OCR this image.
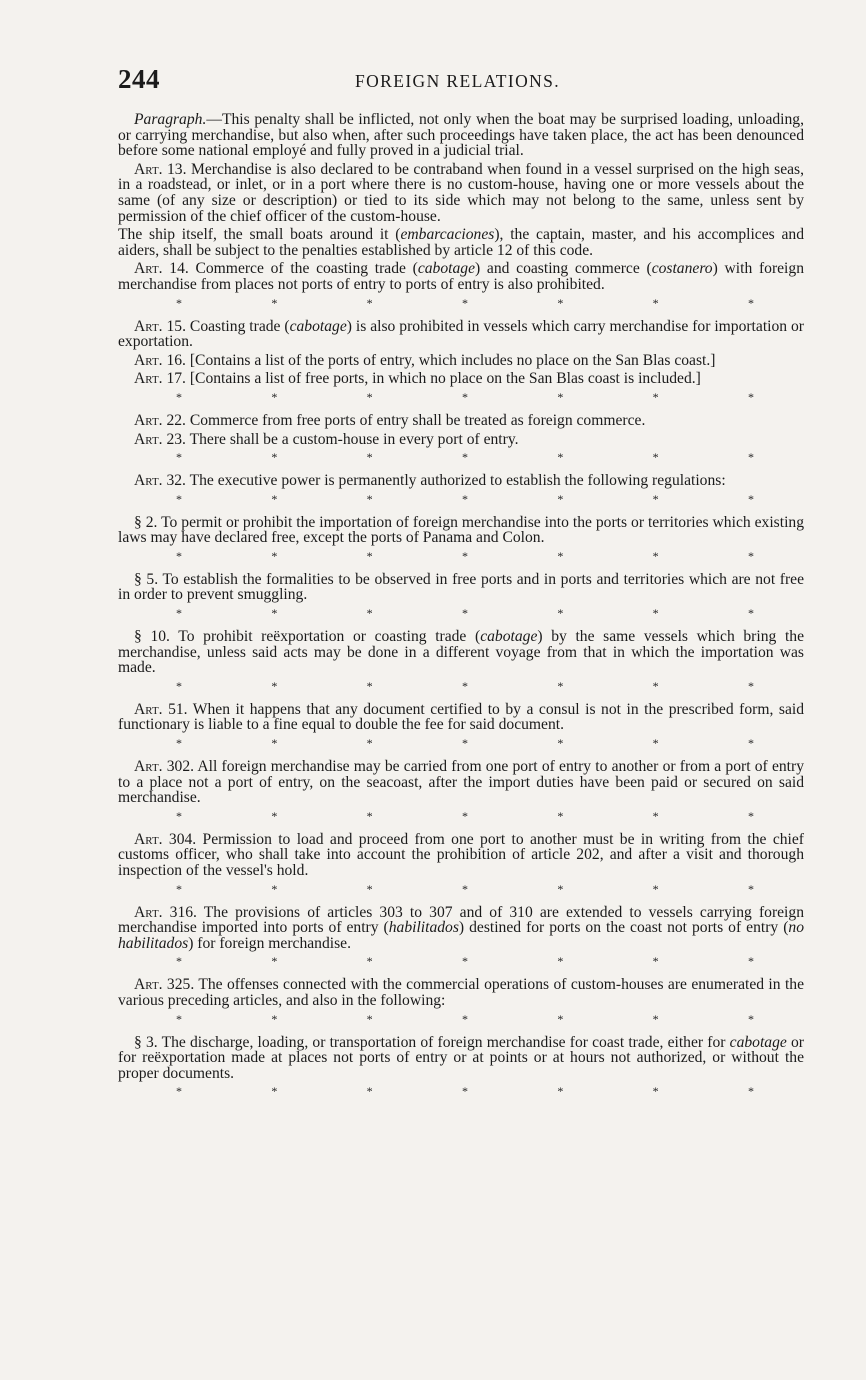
244	FOREIGN RELATIONS.

Paragraph.—This penalty shall be inflicted, not only when the boat may be surprised loading, unloading, or carrying merchandise, but also when, after such proceedings have taken place, the act has been denounced before some national employé and fully proved in a judicial trial.

Art. 13. Merchandise is also declared to be contraband when found in a vessel surprised on the high seas, in a roadstead, or inlet, or in a port where there is no custom-house, having one or more vessels about the same (of any size or description) or tied to its side which may not belong to the same, unless sent by permission of the chief officer of the custom-house.

The ship itself, the small boats around it (embarcaciones), the captain, master, and his accomplices and aiders, shall be subject to the penalties established by article 12 of this code.

Art. 14. Commerce of the coasting trade (cabotage) and coasting commerce (costanero) with foreign merchandise from places not ports of entry to ports of entry is also prohibited.

*	*	*	*	*	*	*

Art. 15. Coasting trade (cabotage) is also prohibited in vessels which carry merchandise for importation or exportation.

Art. 16. [Contains a list of the ports of entry, which includes no place on the San Blas coast.]

Art. 17. [Contains a list of free ports, in which no place on the San Blas coast is included.]

*	*	*	*	*	*	*

Art. 22. Commerce from free ports of entry shall be treated as foreign commerce.

Art. 23. There shall be a custom-house in every port of entry.

*	*	*	*	*	*	*

Art. 32. The executive power is permanently authorized to establish the following regulations:

*	*	*	*	*	*	*

§ 2. To permit or prohibit the importation of foreign merchandise into the ports or territories which existing laws may have declared free, except the ports of Panama and Colon.

*	*	*	*	*	*	*

§ 5. To establish the formalities to be observed in free ports and in ports and territories which are not free in order to prevent smuggling.

*	*	*	*	*	*	*

§ 10. To prohibit reëxportation or coasting trade (cabotage) by the same vessels which bring the merchandise, unless said acts may be done in a different voyage from that in which the importation was made.

*	*	*	*	*	*	*

Art. 51. When it happens that any document certified to by a consul is not in the prescribed form, said functionary is liable to a fine equal to double the fee for said document.

*	*	*	*	*	*	*

Art. 302. All foreign merchandise may be carried from one port of entry to another or from a port of entry to a place not a port of entry, on the seacoast, after the import duties have been paid or secured on said merchandise.

*	*	*	*	*	*	*

Art. 304. Permission to load and proceed from one port to another must be in writing from the chief customs officer, who shall take into account the prohibition of article 202, and after a visit and thorough inspection of the vessel's hold.

*	*	*	*	*	*	*

Art. 316. The provisions of articles 303 to 307 and of 310 are extended to vessels carrying foreign merchandise imported into ports of entry (habilitados) destined for ports on the coast not ports of entry (no habilitados) for foreign merchandise.

*	*	*	*	*	*	*

Art. 325. The offenses connected with the commercial operations of custom-houses are enumerated in the various preceding articles, and also in the following:

*	*	*	*	*	*	*

§ 3. The discharge, loading, or transportation of foreign merchandise for coast trade, either for cabotage or for reëxportation made at places not ports of entry or at points or at hours not authorized, or without the proper documents.

*	*	*	*	*	*	*
